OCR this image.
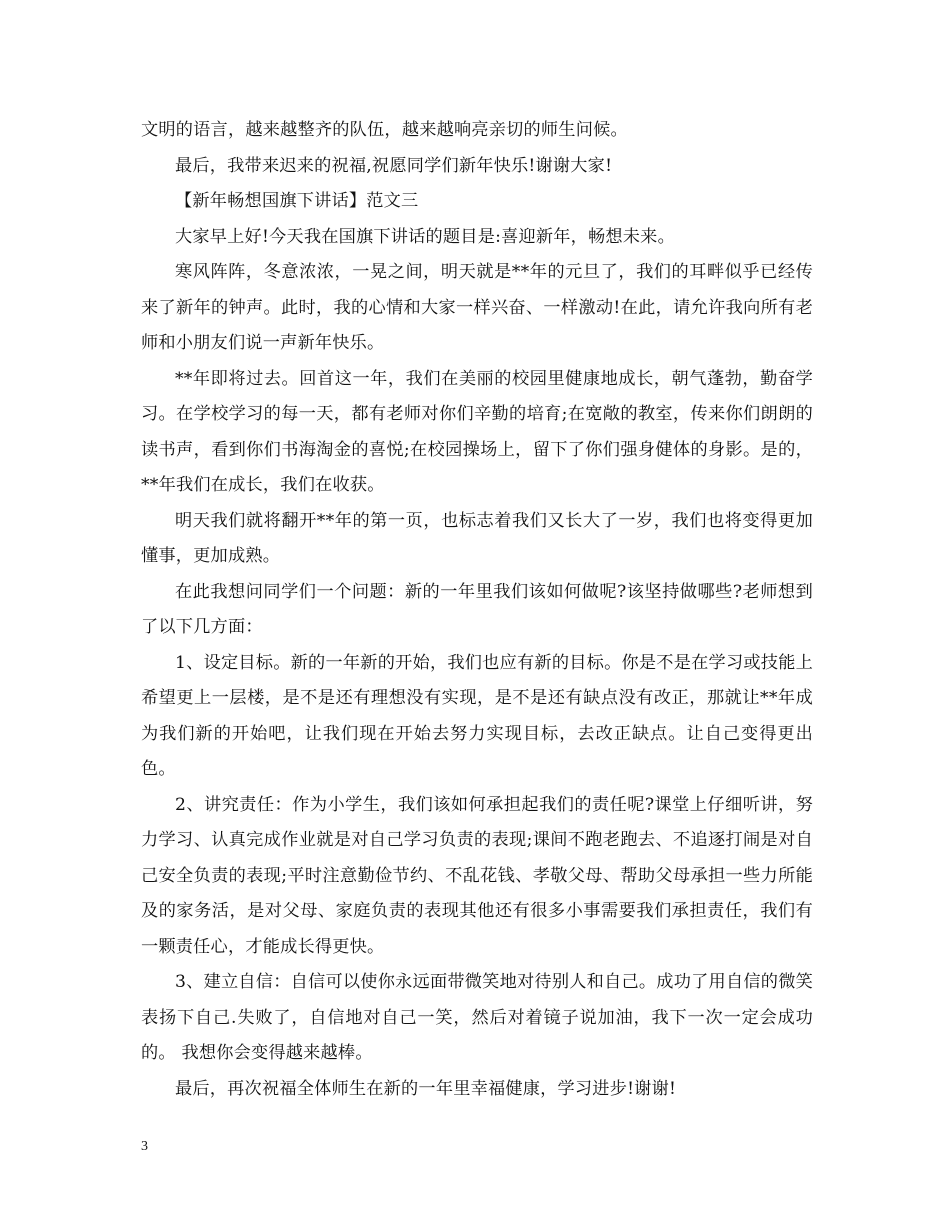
文明的语言，越来越整齐的队伍，越来越响亮亲切的师生问候。

最后，我带来迟来的祝福,祝愿同学们新年快乐!谢谢大家!

【新年畅想国旗下讲话】范文三

大家早上好!今天我在国旗下讲话的题目是:喜迎新年，畅想未来。

寒风阵阵，冬意浓浓，一晃之间，明天就是**年的元旦了，我们的耳畔似乎已经传来了新年的钟声。此时，我的心情和大家一样兴奋、一样激动!在此，请允许我向所有老师和小朋友们说一声新年快乐。

**年即将过去。回首这一年，我们在美丽的校园里健康地成长，朝气蓬勃，勤奋学习。在学校学习的每一天，都有老师对你们辛勤的培育;在宽敞的教室，传来你们朗朗的读书声，看到你们书海淘金的喜悦;在校园操场上，留下了你们强身健体的身影。是的，**年我们在成长，我们在收获。

明天我们就将翻开**年的第一页，也标志着我们又长大了一岁，我们也将变得更加懂事，更加成熟。

在此我想问同学们一个问题：新的一年里我们该如何做呢?该坚持做哪些?老师想到了以下几方面：

1、设定目标。新的一年新的开始，我们也应有新的目标。你是不是在学习或技能上希望更上一层楼，是不是还有理想没有实现，是不是还有缺点没有改正，那就让**年成为我们新的开始吧，让我们现在开始去努力实现目标，去改正缺点。让自己变得更出色。

2、讲究责任：作为小学生，我们该如何承担起我们的责任呢?课堂上仔细听讲，努力学习、认真完成作业就是对自己学习负责的表现;课间不跑老跑去、不追逐打闹是对自己安全负责的表现;平时注意勤俭节约、不乱花钱、孝敬父母、帮助父母承担一些力所能及的家务活，是对父母、家庭负责的表现其他还有很多小事需要我们承担责任，我们有一颗责任心，才能成长得更快。

3、建立自信：自信可以使你永远面带微笑地对待别人和自己。成功了用自信的微笑表扬下自己.失败了，自信地对自己一笑，然后对着镜子说加油，我下一次一定会成功的。 我想你会变得越来越棒。

最后，再次祝福全体师生在新的一年里幸福健康，学习进步!谢谢!

3
